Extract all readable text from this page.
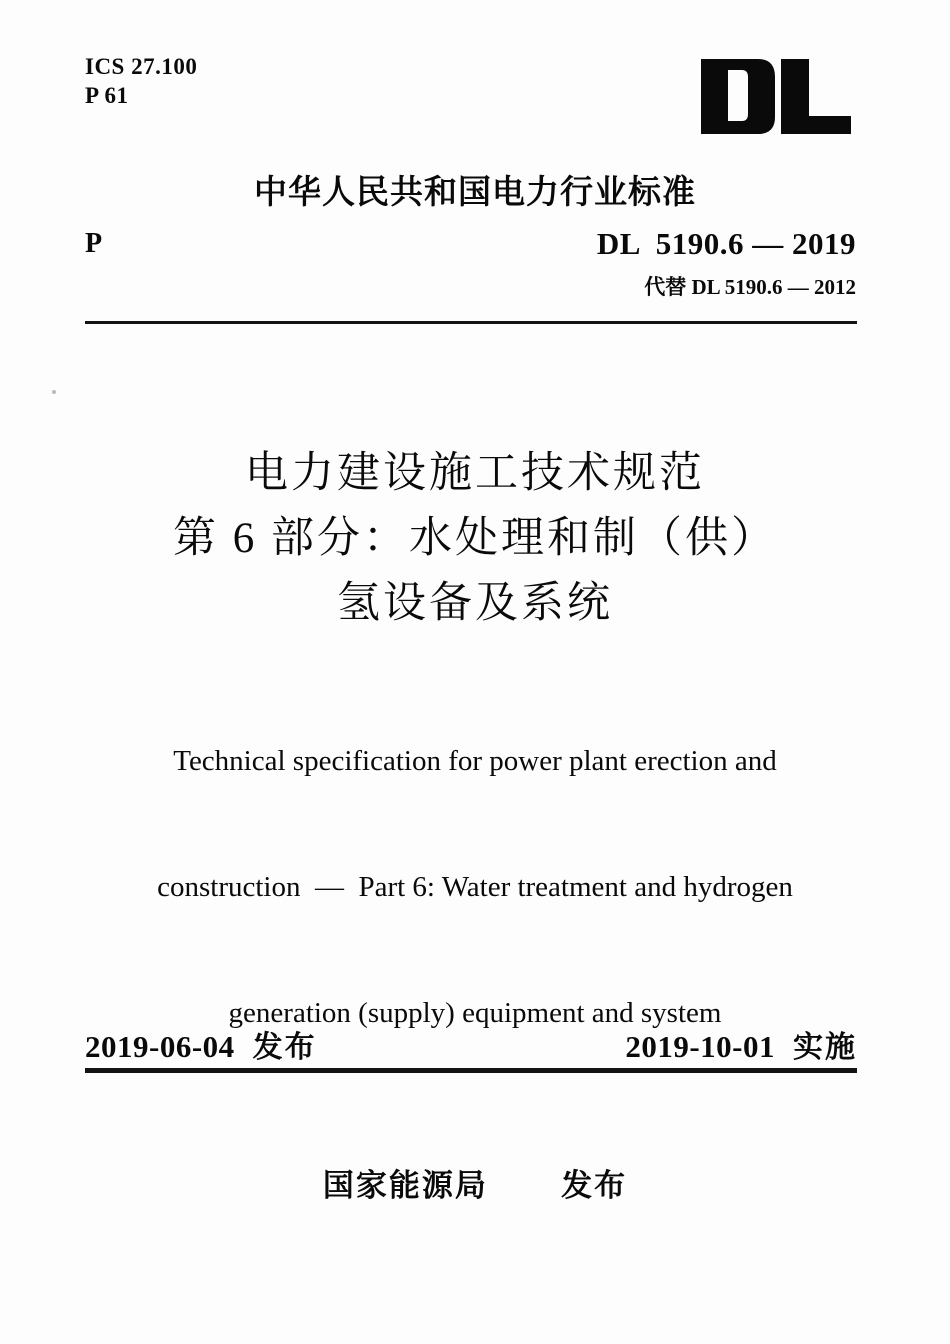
ICS 27.100
P 61
中华人民共和国电力行业标准
P	DL  5190.6 — 2019
代替 DL 5190.6 — 2012
电力建设施工技术规范
第 6 部分：水处理和制（供）
氢设备及系统

Technical specification for power plant erection and

construction  —  Part 6: Water treatment and hydrogen

generation (supply) equipment and system

2019-06-04 发布	2019-10-01 实施
国家能源局 发布
